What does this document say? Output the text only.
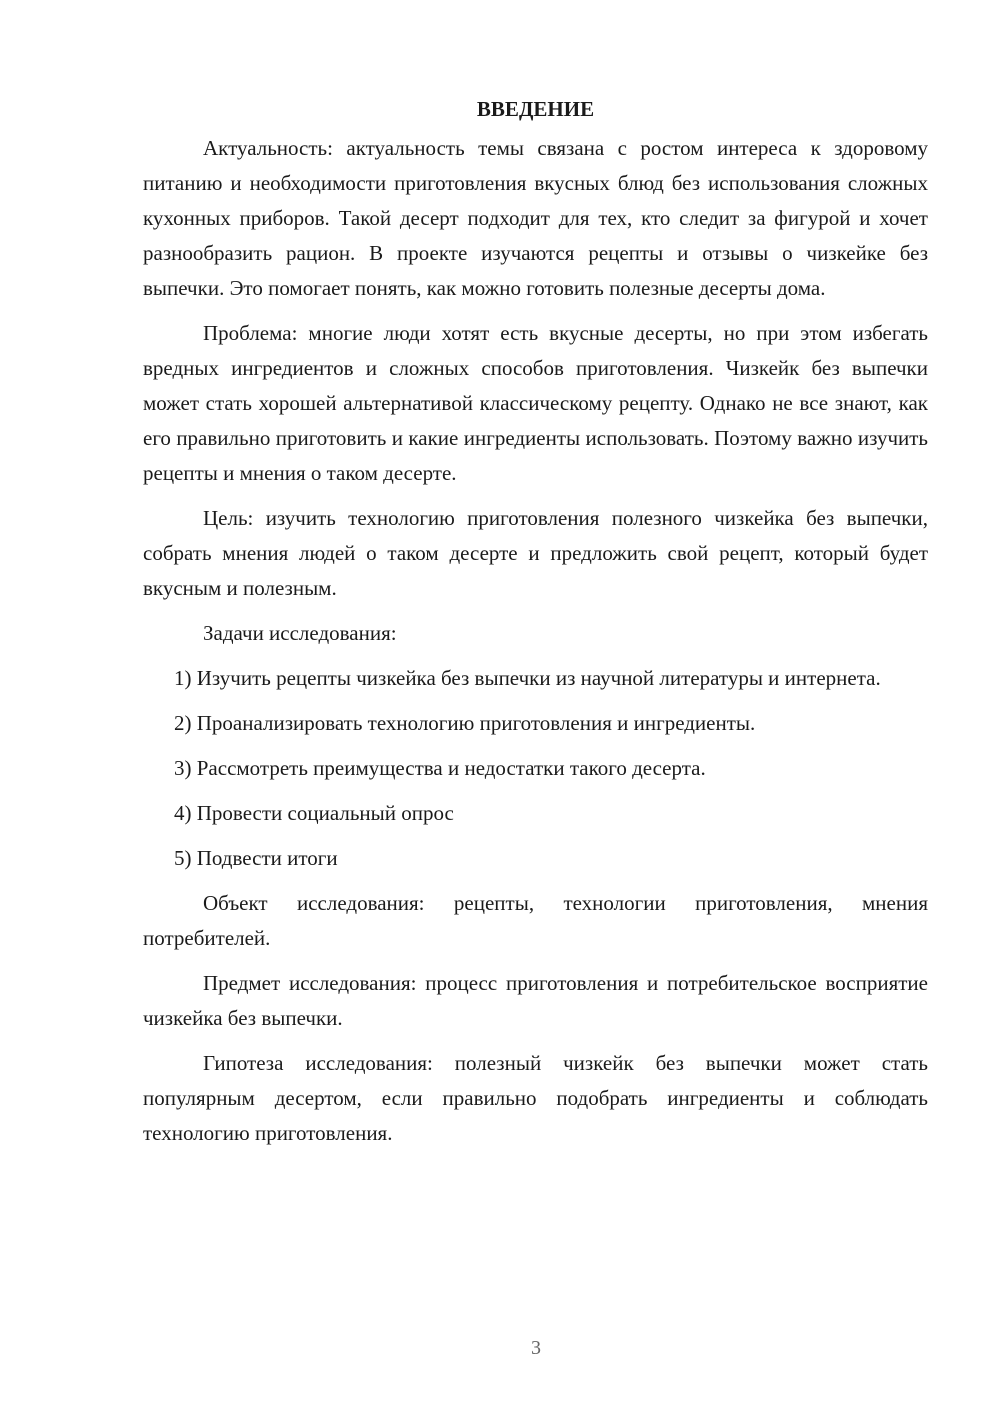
ВВЕДЕНИЕ

Актуальность: актуальность темы связана с ростом интереса к здоровому питанию и необходимости приготовления вкусных блюд без использования сложных кухонных приборов. Такой десерт подходит для тех, кто следит за фигурой и хочет разнообразить рацион. В проекте изучаются рецепты и отзывы о чизкейке без выпечки. Это помогает понять, как можно готовить полезные десерты дома.

Проблема: многие люди хотят есть вкусные десерты, но при этом избегать вредных ингредиентов и сложных способов приготовления. Чизкейк без выпечки может стать хорошей альтернативой классическому рецепту. Однако не все знают, как его правильно приготовить и какие ингредиенты использовать. Поэтому важно изучить рецепты и мнения о таком десерте.

Цель: изучить технологию приготовления полезного чизкейка без выпечки, собрать мнения людей о таком десерте и предложить свой рецепт, который будет вкусным и полезным.

Задачи исследования:

1) Изучить рецепты чизкейка без выпечки из научной литературы и интернета.

2) Проанализировать технологию приготовления и ингредиенты.

3) Рассмотреть преимущества и недостатки такого десерта.

4) Провести социальный опрос

5) Подвести итоги

Объект исследования: рецепты, технологии приготовления, мнения потребителей.

Предмет исследования: процесс приготовления и потребительское восприятие чизкейка без выпечки.

Гипотеза исследования: полезный чизкейк без выпечки может стать популярным десертом, если правильно подобрать ингредиенты и соблюдать технологию приготовления.

3
